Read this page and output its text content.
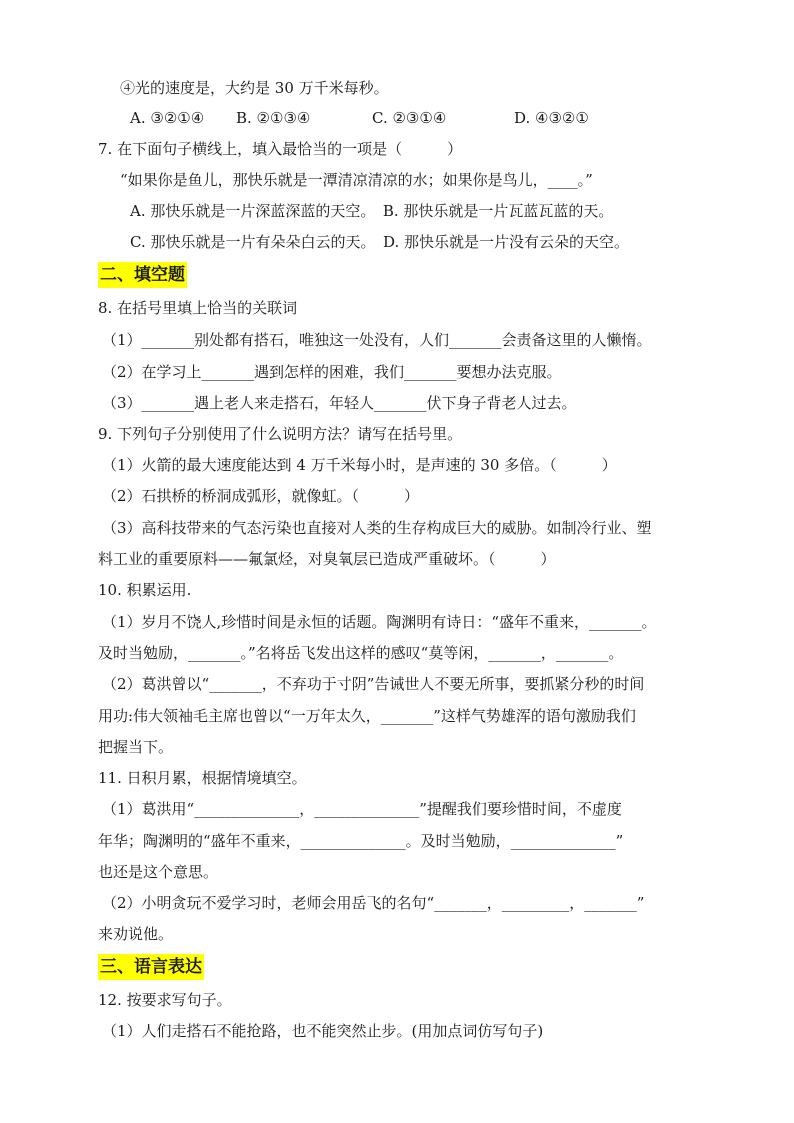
④光的速度是，大约是 30 万千米每秒。
A. ③②①④ B. ②①③④	C. ②③①④	D. ④③②①
7. 在下面句子横线上，填入最恰当的一项是（　　　）
“如果你是鱼儿，那快乐就是一潭清凉清凉的水；如果你是鸟儿，____。”
A. 那快乐就是一片深蓝深蓝的天空。　B. 那快乐就是一片瓦蓝瓦蓝的天。
C. 那快乐就是一片有朵朵白云的天。　D. 那快乐就是一片没有云朵的天空。
二、填空题
8. 在括号里填上恰当的关联词
（1）_______别处都有搭石，唯独这一处没有，人们_______会责备这里的人懒惰。
（2）在学习上_______遇到怎样的困难，我们_______要想办法克服。
（3）_______遇上老人来走搭石，年轻人_______伏下身子背老人过去。
9. 下列句子分别使用了什么说明方法？请写在括号里。
（1）火箭的最大速度能达到 4 万千米每小时，是声速的 30 多倍。（　　　）
（2）石拱桥的桥洞成弧形，就像虹。（　　　）
（3）高科技带来的气态污染也直接对人类的生存构成巨大的威胁。如制冷行业、塑
料工业的重要原料——氟氯烃，对臭氧层已造成严重破坏。（　　　）
10. 积累运用.
（1）岁月不饶人,珍惜时间是永恒的话题。陶渊明有诗日：“盛年不重来，_______。
及时当勉励，_______。”名将岳飞发出这样的感叹“莫等闲，_______，_______。
（2）葛洪曾以“_______，不弃功于寸阴”告诫世人不要无所事，要抓紧分秒的时间
用功:伟大领袖毛主席也曾以“一万年太久，_______”这样气势雄浑的语句激励我们
把握当下。
11. 日积月累，根据情境填空。
（1）葛洪用“______________，______________”提醒我们要珍惜时间，不虚度
年华；陶渊明的“盛年不重来，______________。及时当勉励，______________”
也还是这个意思。
（2）小明贪玩不爱学习时，老师会用岳飞的名句“_______，_________，_______”
来劝说他。
三、语言表达
12. 按要求写句子。
（1）人们走搭石不能抢路，也不能突然止步。(用加点词仿写句子)
